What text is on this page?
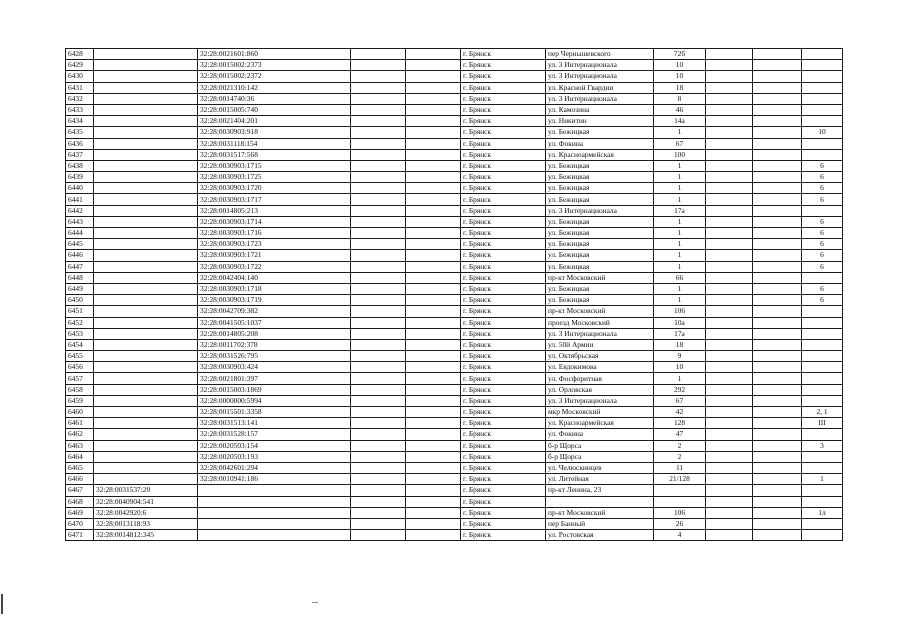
6428		32:28:0021601:860			г. Брянск	пер Чернышевского	72б			
6429		32:28:0015002:2373			г. Брянск	ул. 3 Интернационала	10			
6430		32:28:0015002:2372			г. Брянск	ул. 3 Интернационала	10			
6431		32:28:0021310:142			г. Брянск	ул. Красной Гвардии	18			
6432		32:28:0014740:36			г. Брянск	ул. 3 Интернационала	8			
6433		32:28:0015005:740			г. Брянск	ул. Камозина	46			
6434		32:28:0021404:201			г. Брянск	ул. Никитин	14а			
6435		32:28:0030903:918			г. Брянск	ул. Бежицкая	1			10
6436		32:28:0031118:154			г. Брянск	ул. Фокина	67			
6437		32:28:0031517:568			г. Брянск	ул. Красноармейская	100			
6438		32:28:0030903:1715			г. Брянск	ул. Бежицкая	1			6
6439		32:28:0030903:1725			г. Брянск	ул. Бежицкая	1			6
6440		32:28:0030903:1720			г. Брянск	ул. Бежицкая	1			6
6441		32:28:0030903:1717			г. Брянск	ул. Бежицкая	1			6
6442		32:28:0014805:213			г. Брянск	ул. 3 Интернационала	17а			
6443		32:28:0030903:1714			г. Брянск	ул. Бежицкая	1			6
6444		32:28:0030903:1716			г. Брянск	ул. Бежицкая	1			6
6445		32:28:0030903:1723			г. Брянск	ул. Бежицкая	1			6
6446		32:28:0030903:1721			г. Брянск	ул. Бежицкая	1			6
6447		32:28:0030903:1722			г. Брянск	ул. Бежицкая	1			6
6448		32:28:0042404:140			г. Брянск	пр-кт Московский	66			
6449		32:28:0030903:1718			г. Брянск	ул. Бежицкая	1			6
6450		32:28:0030903:1719			г. Брянск	ул. Бежицкая	1			6
6451		32:28:0042709:382			г. Брянск	пр-кт Московский	106			
6452		32:28:0041505:1037			г. Брянск	проезд Московский	10а			
6453		32:28:0014805:208			г. Брянск	ул. 3 Интернационала	17а			
6454		32:28:0011702:378			г. Брянск	ул. 50й Армии	18			
6455		32:28:0031526:795			г. Брянск	ул. Октябрьская	9			
6456		32:28:0030903:424			г. Брянск	ул. Евдокимова	10			
6457		32:28:0021801:397			г. Брянск	ул. Фосфоритная	1			
6458		32:28:0015003:1869			г. Брянск	ул. Орловская	292			
6459		32:28:0000000:5994			г. Брянск	ул. 3 Интернационала	67			
6460		32:28:0015501:3358			г. Брянск	мкр Московский	42			2, 1
6461		32:28:0031513:141			г. Брянск	ул. Красноармейская	128			III
6462		32:28:0031528:157			г. Брянск	ул. Фокина	47			
6463		32:28:0020503:154			г. Брянск	б-р Щорса	2			3
6464		32:28:0020503:193			г. Брянск	б-р Щорса	2			
6465		32:28:0042601:294			г. Брянск	ул. Челюскинцев	11			
6466		32:28:0010941:186			г. Брянск	ул. Литейная	21/128			1
6467	32:28:0031537:20				г. Брянск	пр-кт Ленина, 23				
6468	32:28:0040904:541				г. Брянск					
6469	32:28:0042920:6				г. Брянск	пр-кт Московский	106			1л
6470	32:28:0013118:93				г. Брянск	пер Банный	26			
6471	32:28:0014812:345				г. Брянск	ул. Ростовская	4			
